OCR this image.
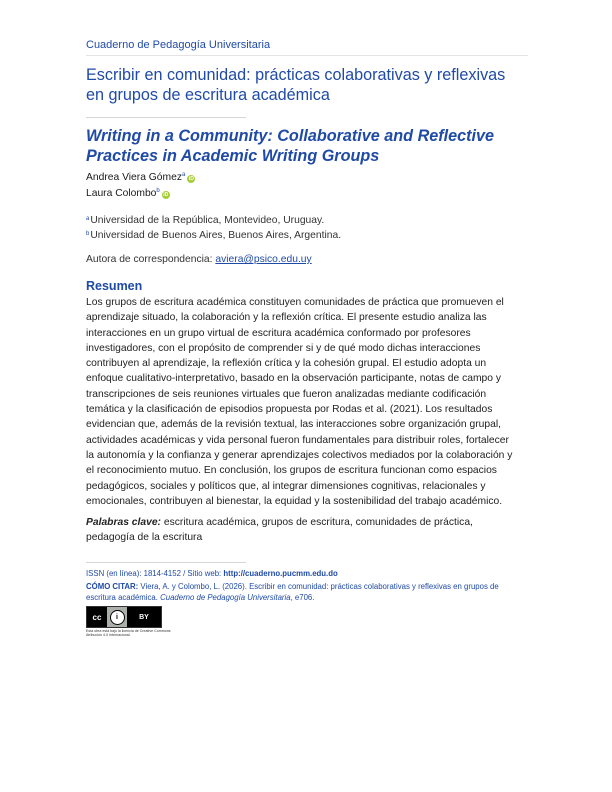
Cuaderno de Pedagogía Universitaria
Escribir en comunidad: prácticas colaborativas y reflexivas en grupos de escritura académica
Writing in a Community: Collaborative and Reflective Practices in Academic Writing Groups
Andrea Viera Gómez$^a$iD
Laura Colombo$^b$iD
$^a$Universidad de la República, Montevideo, Uruguay.
$^b$Universidad de Buenos Aires, Buenos Aires, Argentina.
Autora de correspondencia: aviera@psico.edu.uy
Resumen

Los grupos de escritura académica constituyen comunidades de práctica que promueven el aprendizaje situado, la colaboración y la reflexión crítica. El presente estudio analiza las interacciones en un grupo virtual de escritura académica conformado por profesores investigadores, con el propósito de comprender si y de qué modo dichas interacciones contribuyen al aprendizaje, la reflexión crítica y la cohesión grupal. El estudio adopta un enfoque cualitativo-interpretativo, basado en la observación participante, notas de campo y transcripciones de seis reuniones virtuales que fueron analizadas mediante codificación temática y la clasificación de episodios propuesta por Rodas et al. (2021). Los resultados evidencian que, además de la revisión textual, las interacciones sobre organización grupal, actividades académicas y vida personal fueron fundamentales para distribuir roles, fortalecer la autonomía y la confianza y generar aprendizajes colectivos mediados por la colaboración y el reconocimiento mutuo. En conclusión, los grupos de escritura funcionan como espacios pedagógicos, sociales y políticos que, al integrar dimensiones cognitivas, relacionales y emocionales, contribuyen al bienestar, la equidad y la sostenibilidad del trabajo académico.

Palabras clave: escritura académica, grupos de escritura, comunidades de práctica, pedagogía de la escritura

ISSN (en línea): 1814-4152 / Sitio web: http://cuaderno.pucmm.edu.do

CÓMO CITAR: Viera, A. y Colombo, L. (2026). Escribir en comunidad: prácticas colaborativas y reflexivas en grupos de escritura académica. Cuaderno de Pedagogía Universitaria, e706.

cc	i	BY

Esta obra está bajo la licencia de Creative Commons Atribución 4.0 Internacional.
